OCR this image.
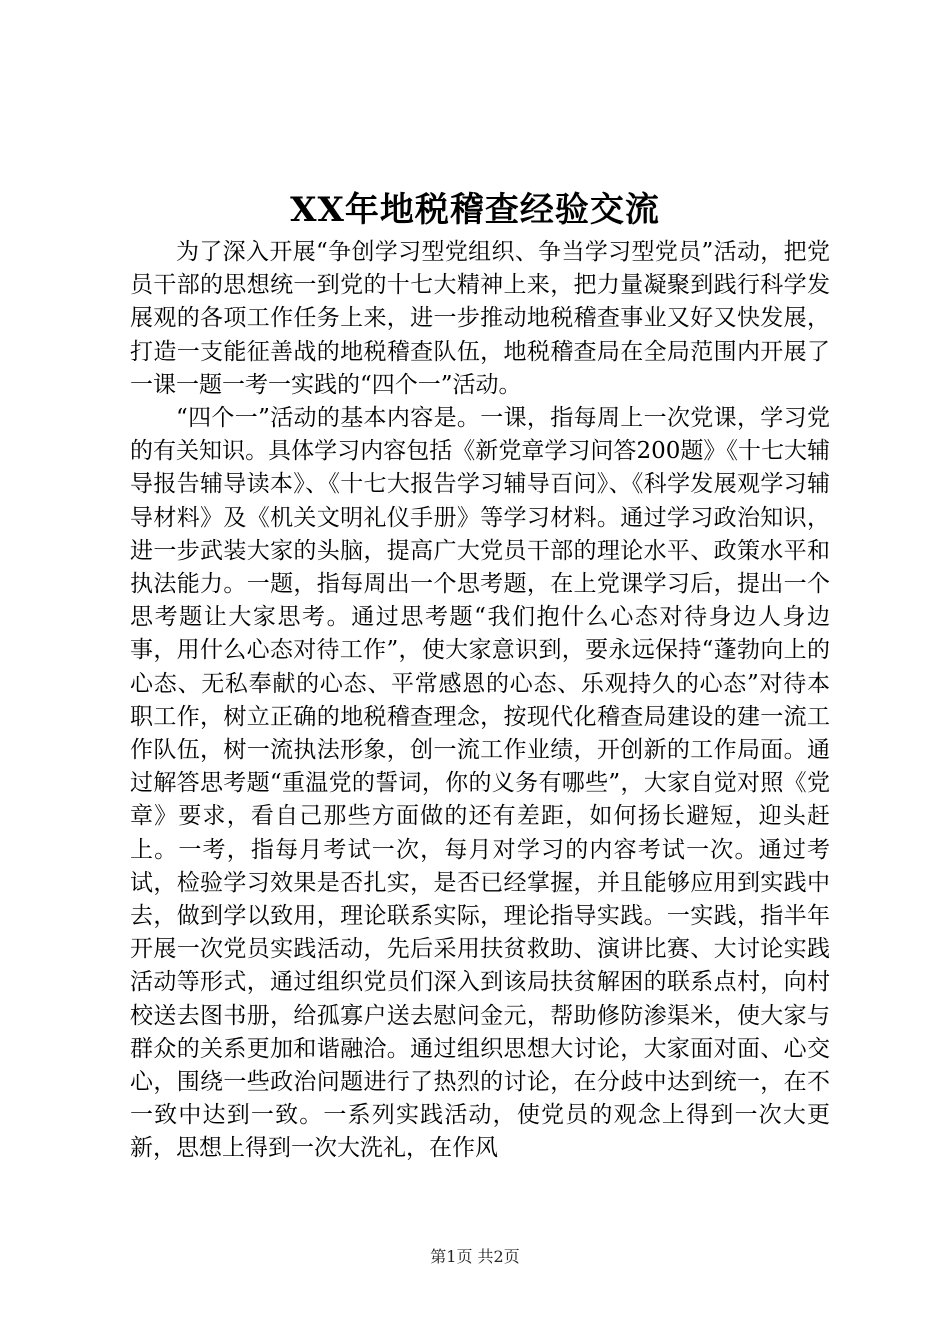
XX年地税稽查经验交流

为了深入开展“争创学习型党组织、争当学习型党员”活动，把党员干部的思想统一到党的十七大精神上来，把力量凝聚到践行科学发展观的各项工作任务上来，进一步推动地税稽查事业又好又快发展，打造一支能征善战的地税稽查队伍，地税稽查局在全局范围内开展了一课一题一考一实践的“四个一”活动。

“四个一”活动的基本内容是。一课，指每周上一次党课，学习党的有关知识。具体学习内容包括《新党章学习问答200题》《十七大辅导报告辅导读本》、《十七大报告学习辅导百问》、《科学发展观学习辅导材料》及《机关文明礼仪手册》等学习材料。通过学习政治知识，进一步武装大家的头脑，提高广大党员干部的理论水平、政策水平和执法能力。一题，指每周出一个思考题，在上党课学习后，提出一个思考题让大家思考。通过思考题“我们抱什么心态对待身边人身边事，用什么心态对待工作”，使大家意识到，要永远保持“蓬勃向上的心态、无私奉献的心态、平常感恩的心态、乐观持久的心态”对待本职工作，树立正确的地税稽查理念，按现代化稽查局建设的建一流工作队伍，树一流执法形象，创一流工作业绩，开创新的工作局面。通过解答思考题“重温党的誓词，你的义务有哪些”，大家自觉对照《党章》要求，看自己那些方面做的还有差距，如何扬长避短，迎头赶上。一考，指每月考试一次，每月对学习的内容考试一次。通过考试，检验学习效果是否扎实，是否已经掌握，并且能够应用到实践中去，做到学以致用，理论联系实际，理论指导实践。一实践，指半年开展一次党员实践活动，先后采用扶贫救助、演讲比赛、大讨论实践活动等形式，通过组织党员们深入到该局扶贫解困的联系点村，向村校送去图书册，给孤寡户送去慰问金元，帮助修防渗渠米，使大家与群众的关系更加和谐融洽。通过组织思想大讨论，大家面对面、心交心，围绕一些政治问题进行了热烈的讨论，在分歧中达到统一，在不一致中达到一致。一系列实践活动，使党员的观念上得到一次大更新，思想上得到一次大洗礼，在作风

第1页 共2页
